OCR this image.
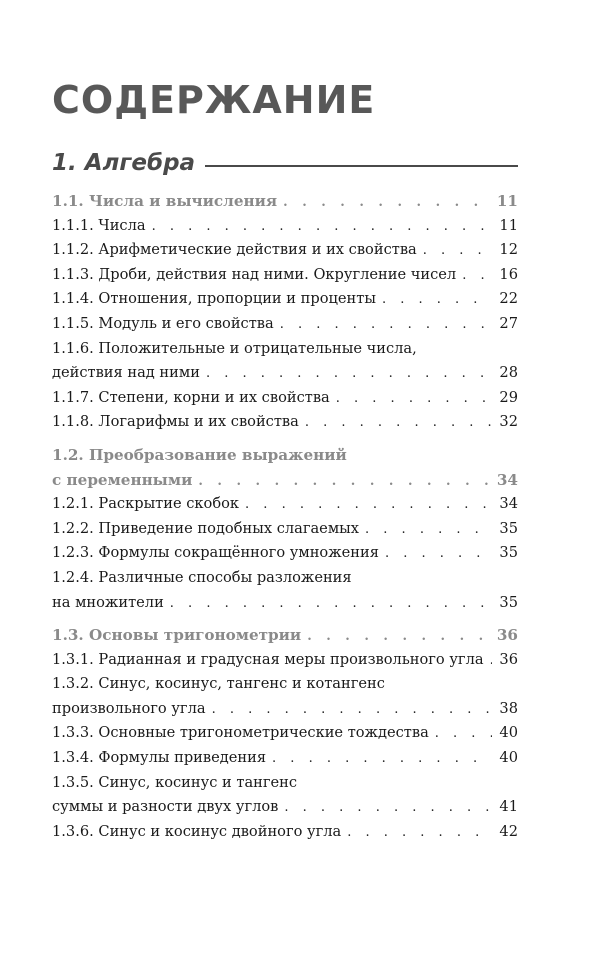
СОДЕРЖАНИЕ
1. Алгебра
1.1. Числа и вычисления . . .	11
1.1.1. Числа . . .	11
1.1.2. Арифметические действия и их свойства . . .	12
1.1.3. Дроби, действия над ними. Округление чисел . . .	16
1.1.4. Отношения, пропорции и проценты . . .	22
1.1.5. Модуль и его свойства . . .	27
1.1.6. Положительные и отрицательные числа,
действия над ними . . .	28
1.1.7. Степени, корни и их свойства . . .	29
1.1.8. Логарифмы и их свойства . . .	32
1.2. Преобразование выражений
с переменными . . .	34
1.2.1. Раскрытие скобок . . .	34
1.2.2. Приведение подобных слагаемых . . .	35
1.2.3. Формулы сокращённого умножения . . .	35
1.2.4. Различные способы разложения
на множители . . .	35
1.3. Основы тригонометрии . . .	36
1.3.1. Радианная и градусная меры произвольного угла . . . 36
1.3.2. Синус, косинус, тангенс и котангенс
произвольного угла . . .	38
1.3.3. Основные тригонометрические тождества . . .	40
1.3.4. Формулы приведения . . .	40
1.3.5. Синус, косинус и тангенс
суммы и разности двух углов . . .	41
1.3.6. Синус и косинус двойного угла . . .	42
